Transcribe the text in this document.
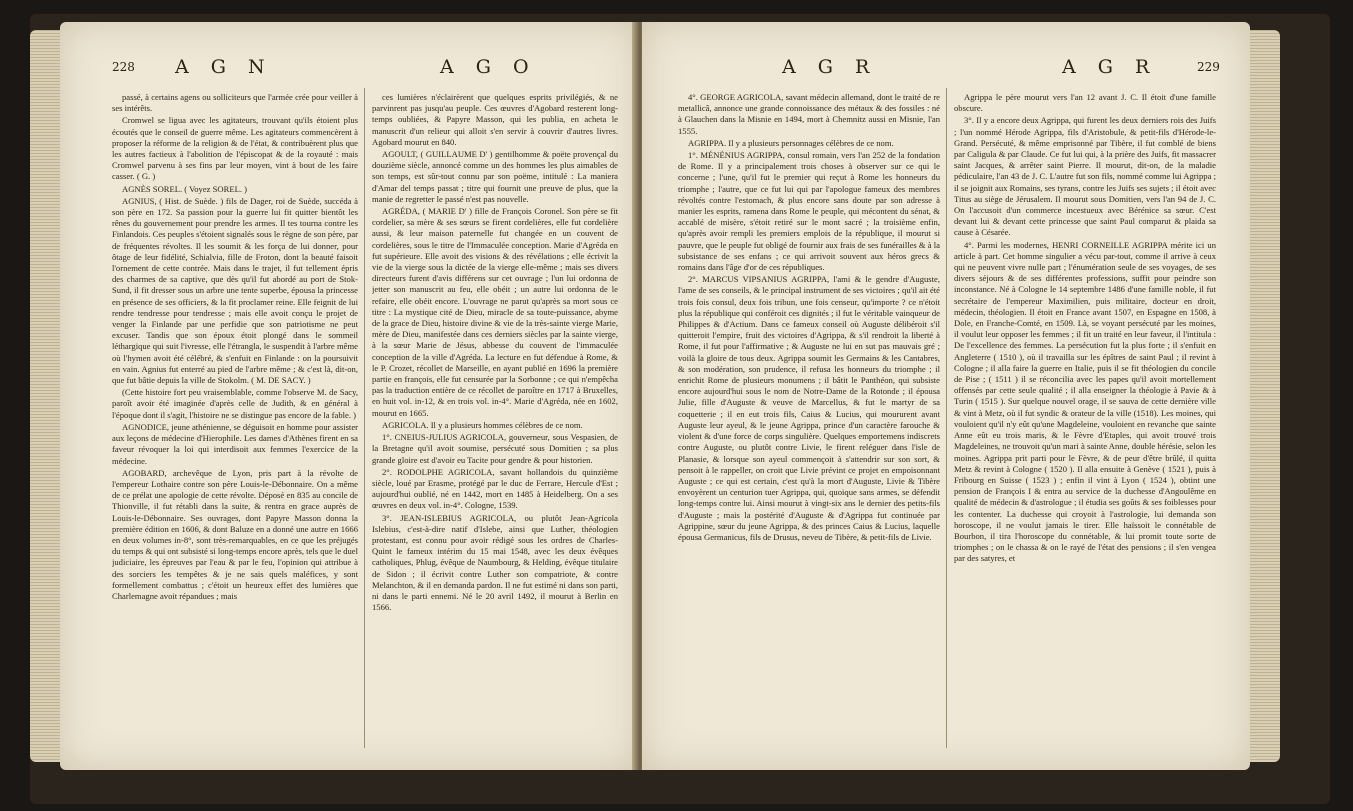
228 A G N	A G O

passé, à certains agens ou solliciteurs que l'armée crée pour veiller à ses intérêts.

Cromwel se ligua avec les agitateurs, trouvant qu'ils étoient plus écoutés que le conseil de guerre même. Les agitateurs commencèrent à proposer la réforme de la religion & de l'état, & contribuèrent plus que les autres factieux à l'abolition de l'épiscopat & de la royauté : mais Cromwel parvenu à ses fins par leur moyen, vint à bout de les faire casser. ( G. )

AGNÈS SOREL. ( Voyez SOREL. )

AGNIUS, ( Hist. de Suède. ) fils de Dager, roi de Suède, succéda à son père en 172. Sa passion pour la guerre lui fit quitter bientôt les rênes du gouvernement pour prendre les armes. Il tes tourna contre les Finlandois. Ces peuples s'étoient signalés sous le règne de son père, par de fréquentes révoltes. Il les soumit & les força de lui donner, pour ôtage de leur fidélité, Schialvia, fille de Froton, dont la beauté faisoit l'ornement de cette contrée. Mais dans le trajet, il fut tellement épris des charmes de sa captive, que dès qu'il fut abordé au port de Stok-Sund, il fit dresser sous un arbre une tente superbe, épousa la princesse en présence de ses officiers, & la fit proclamer reine. Elle feignit de lui rendre tendresse pour tendresse ; mais elle avoit conçu le projet de venger la Finlande par une perfidie que son patriotisme ne peut excuser. Tandis que son époux étoit plongé dans le sommeil léthargique qui suit l'ivresse, elle l'étrangla, le suspendit à l'arbre même où l'hymen avoit été célébré, & s'enfuit en Finlande : on la poursuivit en vain. Agnius fut enterré au pied de l'arbre même ; & c'est là, dit-on, que fut bâtie depuis la ville de Stokolm. ( M. DE SACY. )

(Cette histoire fort peu vraisemblable, comme l'observe M. de Sacy, paroît avoir été imaginée d'après celle de Judith, & en général à l'époque dont il s'agit, l'histoire ne se distingue pas encore de la fable. )

AGNODICE, jeune athénienne, se déguisoit en homme pour assister aux leçons de médecine d'Hierophile. Les dames d'Athènes firent en sa faveur révoquer la loi qui interdisoit aux femmes l'exercice de la médecine.

AGOBARD, archevêque de Lyon, pris part à la révolte de l'empereur Lothaire contre son père Louis-le-Débonnaire. On a même de ce prélat une apologie de cette révolte. Déposé en 835 au concile de Thionville, il fut rétabli dans la suite, & rentra en grace auprès de Louis-le-Débonnaire. Ses ouvrages, dont Papyre Masson donna la première édition en 1606, & dont Baluze en a donné une autre en 1666 en deux volumes in-8°, sont très-remarquables, en ce que les préjugés du temps & qui ont subsisté si long-temps encore après, tels que le duel judiciaire, les épreuves par l'eau & par le feu, l'opinion qui attribue à des sorciers les tempêtes & je ne sais quels maléfices, y sont formellement combattus ; c'étoit un heureux effet des lumières que Charlemagne avoit répandues ; mais

ces lumières n'éclairèrent que quelques esprits privilégiés, & ne parvinrent pas jusqu'au peuple. Ces œuvres d'Agobard resterent long-temps oubliées, & Papyre Masson, qui les publia, en acheta le manuscrit d'un relieur qui alloit s'en servir à couvrir d'autres livres. Agobard mourut en 840.

AGOULT, ( GUILLAUME D' ) gentilhomme & poëte provençal du douzième siècle, annoncé comme un des hommes les plus aimables de son temps, est sûr-tout connu par son poëme, intitulé : La maniera d'Amar del temps passat ; titre qui fournit une preuve de plus, que la manie de regretter le passé n'est pas nouvelle.

AGRÉDA, ( MARIE D' ) fille de François Coronel. Son père se fit cordelier, sa mère & ses sœurs se firent cordelières, elle fut cordelière aussi, & leur maison paternelle fut changée en un couvent de cordelières, sous le titre de l'Immaculée conception. Marie d'Agréda en fut supérieure. Elle avoit des visions & des révélations ; elle écrivit la vie de la vierge sous la dictée de la vierge elle-même ; mais ses divers directeurs furent d'avis différens sur cet ouvrage ; l'un lui ordonna de jetter son manuscrit au feu, elle obéit ; un autre lui ordonna de le refaire, elle obéit encore. L'ouvrage ne parut qu'après sa mort sous ce titre : La mystique cité de Dieu, miracle de sa toute-puissance, abyme de la grace de Dieu, histoire divine & vie de la très-sainte vierge Marie, mère de Dieu, manifestée dans ces derniers siècles par la sainte vierge, à la sœur Marie de Jésus, abbesse du couvent de l'immaculée conception de la ville d'Agréda. La lecture en fut défendue à Rome, & le P. Crozet, récollet de Marseille, en ayant publié en 1696 la première partie en françois, elle fut censurée par la Sorbonne ; ce qui n'empêcha pas la traduction entière de ce récollet de paroître en 1717 à Bruxelles, en huit vol. in-12, & en trois vol. in-4°. Marie d'Agréda, née en 1602, mourut en 1665.

AGRICOLA. Il y a plusieurs hommes célèbres de ce nom.

1°. CNEIUS-JULIUS AGRICOLA, gouverneur, sous Vespasien, de la Bretagne qu'il avoit soumise, persécuté sous Domitien ; sa plus grande gloire est d'avoir eu Tacite pour gendre & pour historien.

2°. RODOLPHE AGRICOLA, savant hollandois du quinzième siècle, loué par Erasme, protégé par le duc de Ferrare, Hercule d'Est ; aujourd'hui oublié, né en 1442, mort en 1485 à Heidelberg. On a ses œuvres en deux vol. in-4°. Cologne, 1539.

3°. JEAN-ISLEBIUS AGRICOLA, ou plutôt Jean-Agricola Islebius, c'est-à-dire natif d'Islebe, ainsi que Luther, théologien protestant, est connu pour avoir rédigé sous les ordres de Charles-Quint le fameux intérim du 15 mai 1548, avec les deux évêques catholiques, Phlug, évêque de Naumbourg, & Helding, évêque titulaire de Sidon ; il écrivit contre Luther son compatriote, & contre Melanchton, & il en demanda pardon. Il ne fut estimé ni dans son parti, ni dans le parti ennemi. Né le 20 avril 1492, il mourut à Berlin en 1566.

A G R	A G R	229

4°. GEORGE AGRICOLA, savant médecin allemand, dont le traité de re metallicâ, annonce une grande connoissance des métaux & des fossiles : né à Glauchen dans la Misnie en 1494, mort à Chemnitz aussi en Misnie, l'an 1555.

AGRIPPA. Il y a plusieurs personnages célèbres de ce nom.

1°. MÉNÉNIUS AGRIPPA, consul romain, vers l'an 252 de la fondation de Rome. Il y a principalement trois choses à observer sur ce qui le concerne ; l'une, qu'il fut le premier qui reçut à Rome les honneurs du triomphe ; l'autre, que ce fut lui qui par l'apologue fameux des membres révoltés contre l'estomach, & plus encore sans doute par son adresse à manier les esprits, ramena dans Rome le peuple, qui mécontent du sénat, & accablé de misère, s'étoit retiré sur le mont sacré ; la troisième enfin, qu'après avoir rempli les premiers emplois de la république, il mourut si pauvre, que le peuple fut obligé de fournir aux frais de ses funérailles & à la subsistance de ses enfans ; ce qui arrivoit souvent aux héros grecs & romains dans l'âge d'or de ces républiques.

2°. MARCUS VIPSANIUS AGRIPPA, l'ami & le gendre d'Auguste, l'ame de ses conseils, & le principal instrument de ses victoires ; qu'il ait été trois fois consul, deux fois tribun, une fois censeur, qu'importe ? ce n'étoit plus la république qui conféroit ces dignités ; il fut le véritable vainqueur de Philippes & d'Actium. Dans ce fameux conseil où Auguste délibéroit s'il quitteroit l'empire, fruit des victoires d'Agrippa, & s'il rendroit la liberté à Rome, il fut pour l'affirmative ; & Auguste ne lui en sut pas mauvais gré ; voilà la gloire de tous deux. Agrippa soumit les Germains & les Cantabres, & son modération, son prudence, il refusa les honneurs du triomphe ; il enrichit Rome de plusieurs monumens ; il bâtit le Panthéon, qui subsiste encore aujourd'hui sous le nom de Notre-Dame de la Rotonde ; il épousa Julie, fille d'Auguste & veuve de Marcellus, & fut le martyr de sa coquetterie ; il en eut trois fils, Caius & Lucius, qui moururent avant Auguste leur ayeul, & le jeune Agrippa, prince d'un caractère farouche & violent & d'une force de corps singulière. Quelques emportemens indiscrets contre Auguste, ou plutôt contre Livie, le firent reléguer dans l'isle de Planasie, & lorsque son ayeul commençoit à s'attendrir sur son sort, & pensoit à le rappeller, on croit que Livie prévint ce projet en empoisonnant Auguste ; ce qui est certain, c'est qu'à la mort d'Auguste, Livie & Tibère envoyèrent un centurion tuer Agrippa, qui, quoique sans armes, se défendit long-temps contre lui. Ainsi mourut à vingt-six ans le dernier des petits-fils d'Auguste ; mais la postérité d'Auguste & d'Agrippa fut continuée par Agrippine, sœur du jeune Agrippa, & des princes Caius & Lucius, laquelle épousa Germanicus, fils de Drusus, neveu de Tibère, & petit-fils de Livie.

Agrippa le père mourut vers l'an 12 avant J. C. Il étoit d'une famille obscure.

3°. Il y a encore deux Agrippa, qui furent les deux derniers rois des Juifs ; l'un nommé Hérode Agrippa, fils d'Aristobule, & petit-fils d'Hérode-le-Grand. Persécuté, & même emprisonné par Tibère, il fut comblé de biens par Caligula & par Claude. Ce fut lui qui, à la prière des Juifs, fit massacrer saint Jacques, & arrêter saint Pierre. Il mourut, dit-on, de la maladie pédiculaire, l'an 43 de J. C. L'autre fut son fils, nommé comme lui Agrippa ; il se joignit aux Romains, ses tyrans, contre les Juifs ses sujets ; il étoit avec Titus au siège de Jérusalem. Il mourut sous Domitien, vers l'an 94 de J. C. On l'accusoit d'un commerce incestueux avec Bérénice sa sœur. C'est devant lui & devant cette princesse que saint Paul comparut & plaida sa cause à Césarée.

4°. Parmi les modernes, HENRI CORNEILLE AGRIPPA mérite ici un article à part. Cet homme singulier a vécu par-tout, comme il arrive à ceux qui ne peuvent vivre nulle part ; l'énumération seule de ses voyages, de ses divers séjours & de ses différentes professions, suffit pour peindre son inconstance. Né à Cologne le 14 septembre 1486 d'une famille noble, il fut secrétaire de l'empereur Maximilien, puis militaire, docteur en droit, médecin, théologien. Il étoit en France avant 1507, en Espagne en 1508, à Dole, en Franche-Comté, en 1509. Là, se voyant persécuté par les moines, il voulut leur opposer les femmes ; il fit un traité en leur faveur, il l'intitula : De l'excellence des femmes. La persécution fut la plus forte ; il s'enfuit en Angleterre ( 1510 ), où il travailla sur les épîtres de saint Paul ; il revint à Cologne ; il alla faire la guerre en Italie, puis il se fit théologien du concile de Pise ; ( 1511 ) il se réconcilia avec les papes qu'il avoit mortellement offensés par cette seule qualité ; il alla enseigner la théologie à Pavie & à Turin ( 1515 ). Sur quelque nouvel orage, il se sauva de cette dernière ville & vint à Metz, où il fut syndic & orateur de la ville (1518). Les moines, qui vouloient qu'il n'y eût qu'une Magdeleine, vouloient en revanche que sainte Anne eût eu trois maris, & le Fèvre d'Etaples, qui avoit trouvé trois Magdeleines, ne trouvoit qu'un mari à sainte Anne, double hérésie, selon les moines. Agrippa prit parti pour le Fèvre, & de peur d'être brûlé, il quitta Metz & revint à Cologne ( 1520 ). Il alla ensuite à Genève ( 1521 ), puis à Fribourg en Suisse ( 1523 ) ; enfin il vint à Lyon ( 1524 ), obtint une pension de François I & entra au service de la duchesse d'Angoulême en qualité de médecin & d'astrologue ; il étudia ses goûts & ses foiblesses pour les contenter. La duchesse qui croyoit à l'astrologie, lui demanda son horoscope, il ne voulut jamais le tirer. Elle haïssoit le connétable de Bourbon, il tira l'horoscope du connétable, & lui promit toute sorte de triomphes ; on le chassa & on le rayé de l'état des pensions ; il s'en vengea par des satyres, et
